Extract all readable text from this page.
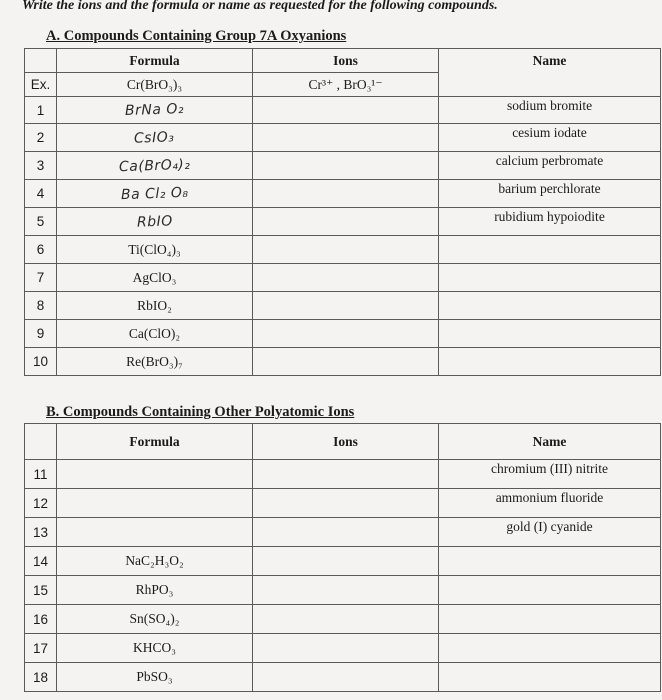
Write the ions and the formula or name as requested for the following compounds.
A. Compounds Containing Group 7A Oxyanions
	Formula	Ions	Name
Ex.	Cr(BrO₃)₃	Cr³⁺ , BrO₃¹⁻	
1	BrNa O₂		sodium bromite
2	CsIO₃		cesium iodate
3	Ca(BrO₄)₂		calcium perbromate
4	Ba Cl₂ O₈		barium perchlorate
5	RbIO		rubidium hypoiodite
6	Ti(ClO₄)₃		
7	AgClO₃		
8	RbIO₂		
9	Ca(ClO)₂		
10	Re(BrO₃)₇		
B. Compounds Containing Other Polyatomic Ions
	Formula	Ions	Name
11			chromium (III) nitrite
12			ammonium fluoride
13			gold (I) cyanide
14	NaC₂H₃O₂		
15	RhPO₃		
16	Sn(SO₄)₂		
17	KHCO₃		
18	PbSO₃		
